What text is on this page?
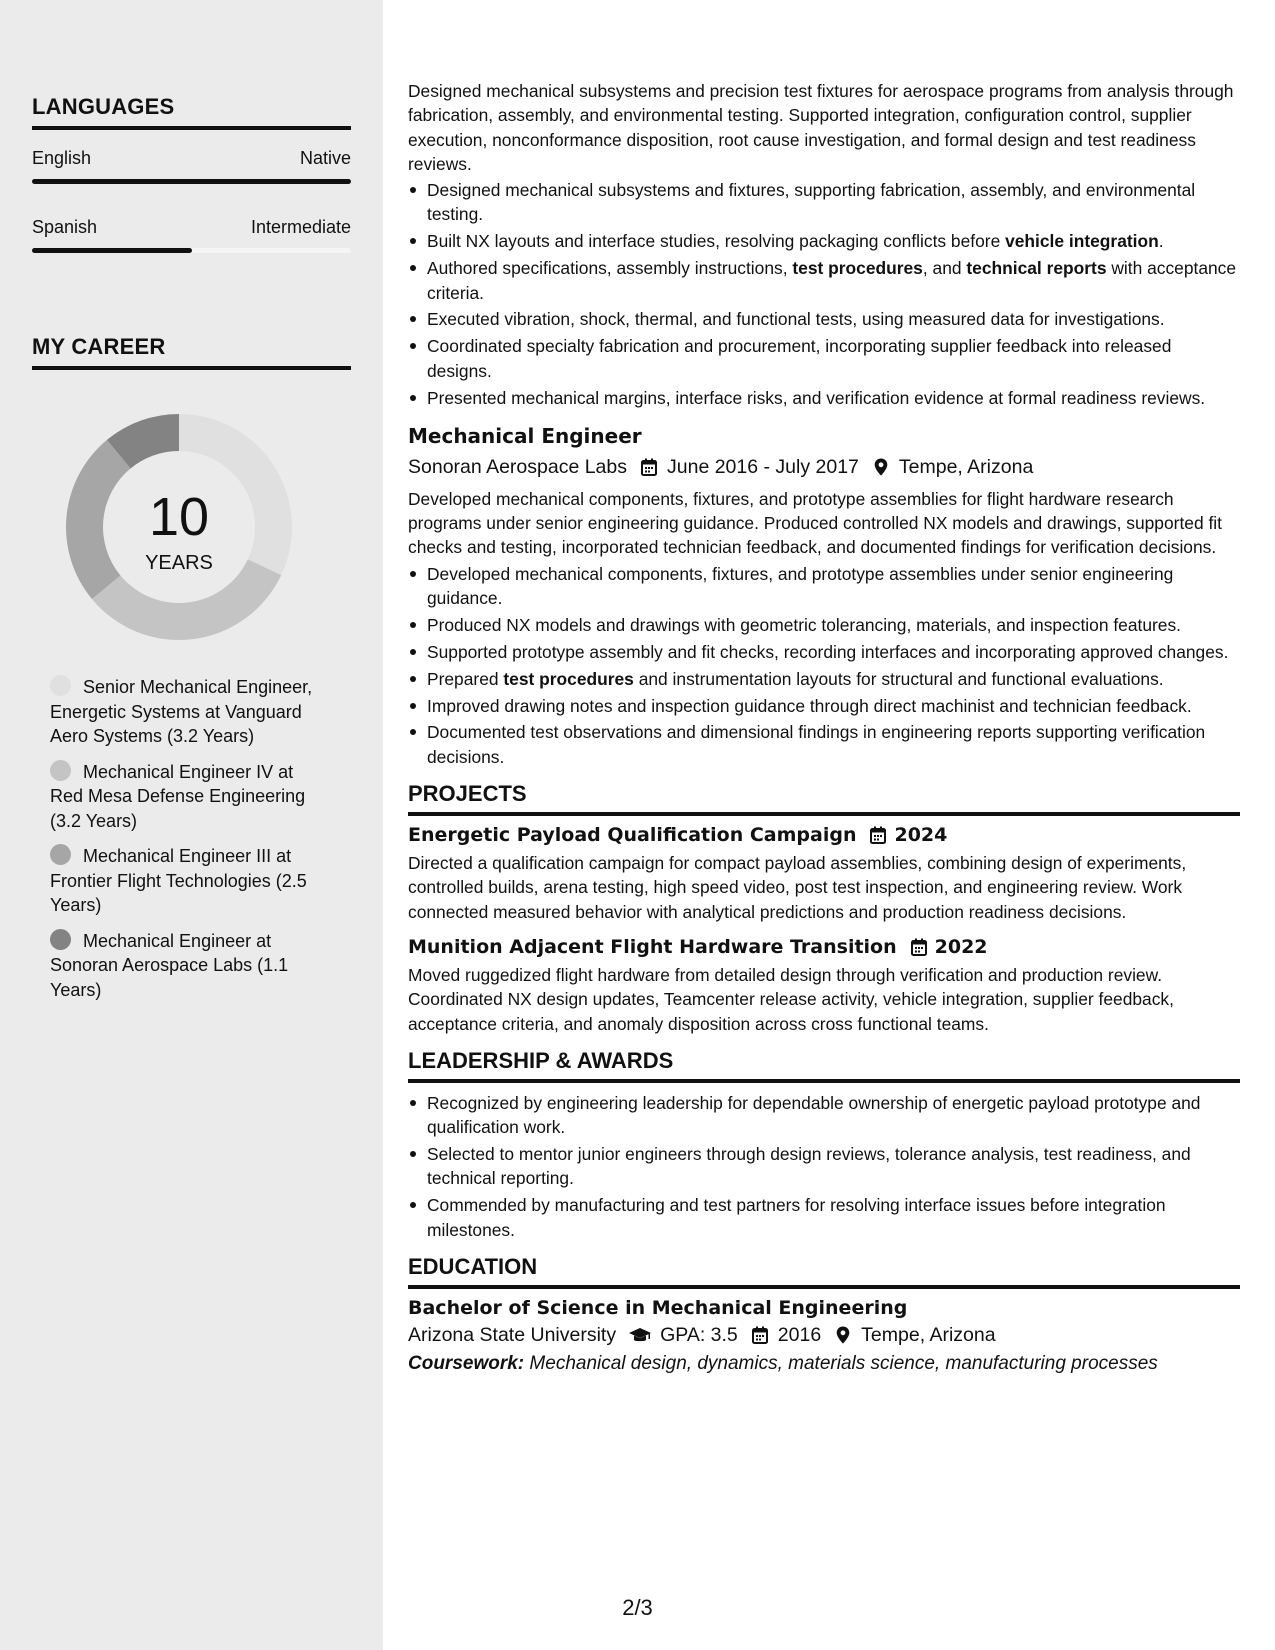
LANGUAGES
English	Native
Spanish	Intermediate
MY CAREER
10
YEARS
Senior Mechanical Engineer, Energetic Systems at Vanguard Aero Systems (3.2 Years)
Mechanical Engineer IV at Red Mesa Defense Engineering (3.2 Years)
Mechanical Engineer III at Frontier Flight Technologies (2.5 Years)
Mechanical Engineer at Sonoran Aerospace Labs (1.1 Years)

Designed mechanical subsystems and precision test fixtures for aerospace programs from analysis through fabrication, assembly, and environmental testing. Supported integration, configuration control, supplier execution, nonconformance disposition, root cause investigation, and formal design and test readiness reviews.

Designed mechanical subsystems and fixtures, supporting fabrication, assembly, and environmental testing.
Built NX layouts and interface studies, resolving packaging conflicts before vehicle integration.
Authored specifications, assembly instructions, test procedures, and technical reports with acceptance criteria.
Executed vibration, shock, thermal, and functional tests, using measured data for investigations.
Coordinated specialty fabrication and procurement, incorporating supplier feedback into released designs.
Presented mechanical margins, interface risks, and verification evidence at formal readiness reviews.
Mechanical Engineer
Sonoran Aerospace Labs June 2016 - July 2017 Tempe, Arizona

Developed mechanical components, fixtures, and prototype assemblies for flight hardware research programs under senior engineering guidance. Produced controlled NX models and drawings, supported fit checks and testing, incorporated technician feedback, and documented findings for verification decisions.

Developed mechanical components, fixtures, and prototype assemblies under senior engineering guidance.
Produced NX models and drawings with geometric tolerancing, materials, and inspection features.
Supported prototype assembly and fit checks, recording interfaces and incorporating approved changes.
Prepared test procedures and instrumentation layouts for structural and functional evaluations.
Improved drawing notes and inspection guidance through direct machinist and technician feedback.
Documented test observations and dimensional findings in engineering reports supporting verification decisions.
PROJECTS
Energetic Payload Qualification Campaign 2024

Directed a qualification campaign for compact payload assemblies, combining design of experiments, controlled builds, arena testing, high speed video, post test inspection, and engineering review. Work connected measured behavior with analytical predictions and production readiness decisions.

Munition Adjacent Flight Hardware Transition 2022

Moved ruggedized flight hardware from detailed design through verification and production review. Coordinated NX design updates, Teamcenter release activity, vehicle integration, supplier feedback, acceptance criteria, and anomaly disposition across cross functional teams.

LEADERSHIP & AWARDS
Recognized by engineering leadership for dependable ownership of energetic payload prototype and qualification work.
Selected to mentor junior engineers through design reviews, tolerance analysis, test readiness, and technical reporting.
Commended by manufacturing and test partners for resolving interface issues before integration milestones.
EDUCATION
Bachelor of Science in Mechanical Engineering
Arizona State University GPA: 3.5 2016 Tempe, Arizona
Coursework: Mechanical design, dynamics, materials science, manufacturing processes
2/3
